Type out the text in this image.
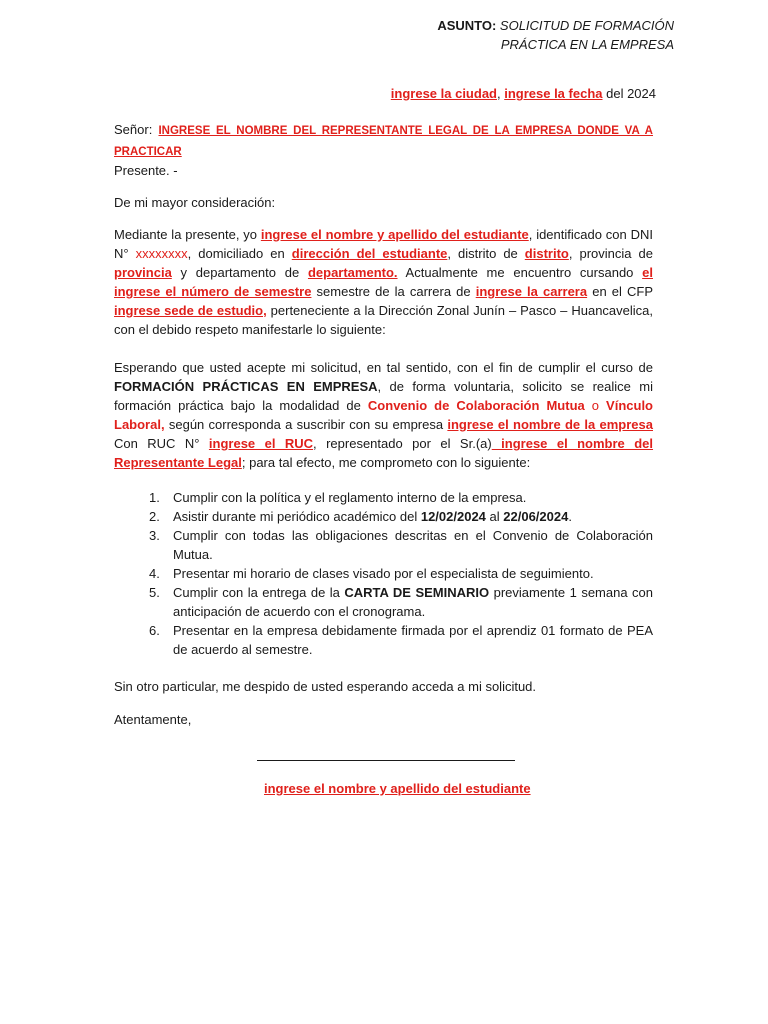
ASUNTO: SOLICITUD DE FORMACIÓN
PRÁCTICA EN LA EMPRESA
ingrese la ciudad, ingrese la fecha del 2024
Señor: INGRESE EL NOMBRE DEL REPRESENTANTE LEGAL DE LA EMPRESA DONDE VA A PRACTICAR
Presente. -
De mi mayor consideración:
Mediante la presente, yo ingrese el nombre y apellido del estudiante, identificado con DNI N° xxxxxxxx, domiciliado en dirección del estudiante, distrito de distrito, provincia de provincia y departamento de departamento. Actualmente me encuentro cursando el ingrese el número de semestre semestre de la carrera de ingrese la carrera en el CFP ingrese sede de estudio, perteneciente a la Dirección Zonal Junín – Pasco – Huancavelica, con el debido respeto manifestarle lo siguiente:
Esperando que usted acepte mi solicitud, en tal sentido, con el fin de cumplir el curso de FORMACIÓN PRÁCTICAS EN EMPRESA, de forma voluntaria, solicito se realice mi formación práctica bajo la modalidad de Convenio de Colaboración Mutua o Vínculo Laboral, según corresponda a suscribir con su empresa ingrese el nombre de la empresa Con RUC N° ingrese el RUC, representado por el Sr.(a) ingrese el nombre del Representante Legal; para tal efecto, me comprometo con lo siguiente:
1. Cumplir con la política y el reglamento interno de la empresa.
2. Asistir durante mi periódico académico del 12/02/2024 al 22/06/2024.
3. Cumplir con todas las obligaciones descritas en el Convenio de Colaboración Mutua.
4. Presentar mi horario de clases visado por el especialista de seguimiento.
5. Cumplir con la entrega de la CARTA DE SEMINARIO previamente 1 semana con anticipación de acuerdo con el cronograma.
6. Presentar en la empresa debidamente firmada por el aprendiz 01 formato de PEA de acuerdo al semestre.
Sin otro particular, me despido de usted esperando acceda a mi solicitud.
Atentamente,
ingrese el nombre y apellido del estudiante
